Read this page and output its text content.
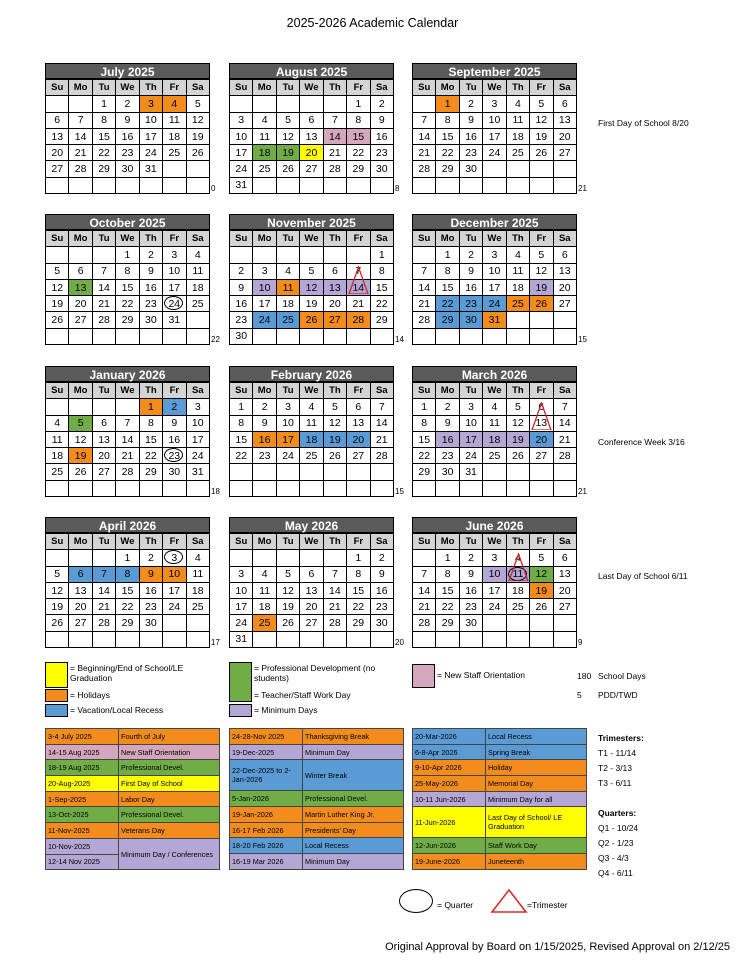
2025-2026 Academic Calendar
July 2025
Su	Mo	Tu	We	Th	Fr	Sa
		1	2	3	4	5
6	7	8	9	10	11	12
13	14	15	16	17	18	19
20	21	22	23	24	25	26
27	28	29	30	31		

0
August 2025
Su	Mo	Tu	We	Th	Fr	Sa
					1	2
3	4	5	6	7	8	9
10	11	12	13	14	15	16
17	18	19	20	21	22	23
24	25	26	27	28	29	30
31							8
September 2025
Su	Mo	Tu	We	Th	Fr	Sa
	1	2	3	4	5	6
7	8	9	10	11	12	13
14	15	16	17	18	19	20
21	22	23	24	25	26	27
28	29	30				

21
October 2025
Su	Mo	Tu	We	Th	Fr	Sa
			1	2	3	4
5	6	7	8	9	10	11
12	13	14	15	16	17	18
19	20	21	22	23	24	25
26	27	28	29	30	31	

22
November 2025
Su	Mo	Tu	We	Th	Fr	Sa
						1
2	3	4	5	6	7	8
9	10	11	12	13	14	15
16	17	18	19	20	21	22
23	24	25	26	27	28	29
30							14
December 2025
Su	Mo	Tu	We	Th	Fr	Sa
	1	2	3	4	5	6
7	8	9	10	11	12	13
14	15	16	17	18	19	20
21	22	23	24	25	26	27
28	29	30	31			

15
January 2026
Su	Mo	Tu	We	Th	Fr	Sa
				1	2	3
4	5	6	7	8	9	10
11	12	13	14	15	16	17
18	19	20	21	22	23	24
25	26	27	28	29	30	31

18
February 2026
Su	Mo	Tu	We	Th	Fr	Sa
1	2	3	4	5	6	7
8	9	10	11	12	13	14
15	16	17	18	19	20	21
22	23	24	25	26	27	28

15
March 2026
Su	Mo	Tu	We	Th	Fr	Sa
1	2	3	4	5	6	7
8	9	10	11	12	13	14
15	16	17	18	19	20	21
22	23	24	25	26	27	28
29	30	31				

21
April 2026
Su	Mo	Tu	We	Th	Fr	Sa
			1	2	3	4
5	6	7	8	9	10	11
12	13	14	15	16	17	18
19	20	21	22	23	24	25
26	27	28	29	30		

17
May 2026
Su	Mo	Tu	We	Th	Fr	Sa
					1	2
3	4	5	6	7	8	9
10	11	12	13	14	15	16
17	18	19	20	21	22	23
24	25	26	27	28	29	30
31							20
June 2026
Su	Mo	Tu	We	Th	Fr	Sa
	1	2	3	4	5	6
7	8	9	10	11	12	13
14	15	16	17	18	19	20
21	22	23	24	25	26	27
28	29	30				

9
First Day of School 8/20
Conference Week 3/16
Last Day of School 6/11
= Beginning/End of School/LE Graduation
= Holidays
= Vacation/Local Recess
= Professional Development (no students)
= Teacher/Staff Work Day
= Minimum Days
= New Staff Orientation	180 School Days
5 PDD/TWD
3-4 July 2025	Fourth of July
14-15 Aug 2025	New Staff Orientation
18-19 Aug 2025	Professional Devel.
20-Aug-2025	First Day of School
1-Sep-2025	Labor Day
13-Oct-2025	Professional Devel.
11-Nov-2025	Veterans Day
10-Nov-2025	Minimum Day / Conferences
12-14 Nov 2025	
24-28-Nov 2025	Thanksgiving Break
19-Dec-2025	Minimum Day
22-Dec-2025 to 2-Jan-2026	Winter Break
5-Jan-2026	Professional Devel.
19-Jan-2026	Martin Luther King Jr.
16-17 Feb 2026	Presidents' Day
18-20 Feb 2026	Local Recess
16-19 Mar 2026	Minimum Day
20-Mar-2026	Local Recess
6-8-Apr 2026	Spring Break
9-10-Apr 2026	Holiday
25-May-2026	Memorial Day
10-11 Jun-2026	Minimum Day for all
11-Jun-2026	Last Day of School/ LE Graduation
12-Jun-2026	Staff Work Day
19-June-2026	Juneteenth
Trimesters:
T1 - 11/14
T2 - 3/13
T3 - 6/11
Quarters:
Q1 - 10/24
Q2 - 1/23
Q3 - 4/3
Q4 - 6/11
= Quarter	=Trimester
Original Approval by Board on 1/15/2025, Revised Approval on 2/12/25
